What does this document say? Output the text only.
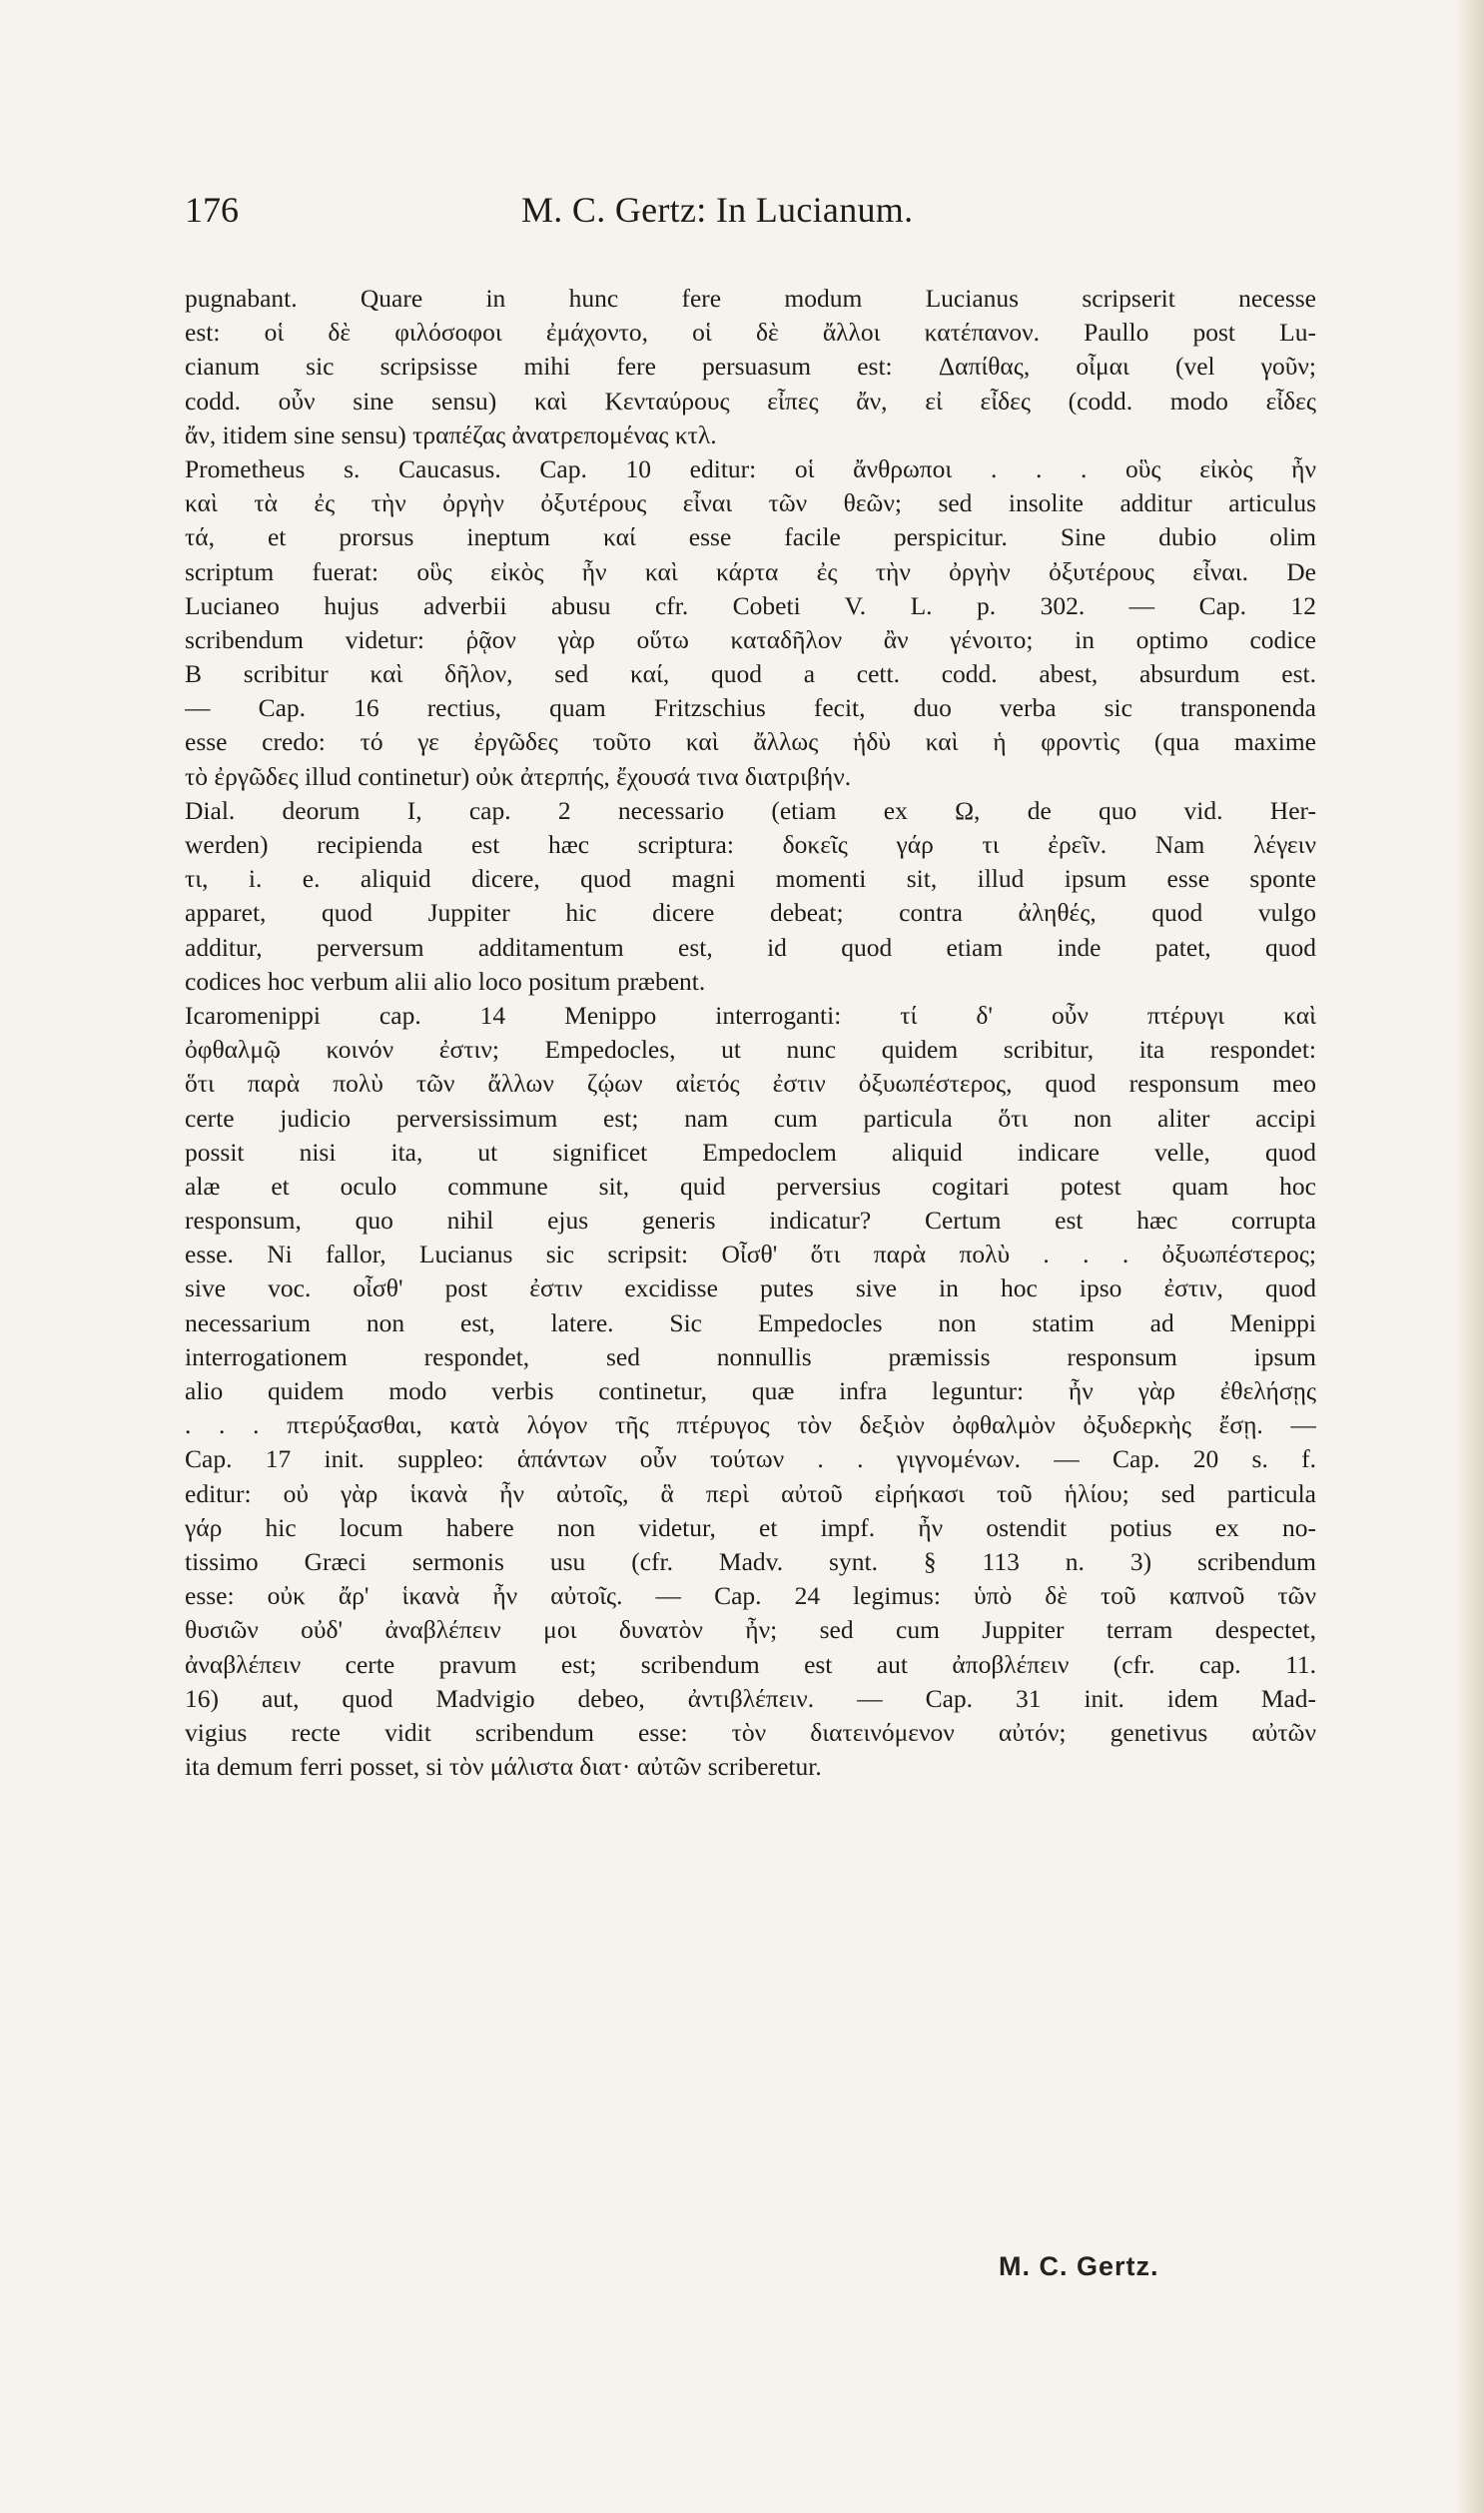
176	M. C. Gertz: In Lucianum.
pugnabant. Quare in hunc fere modum Lucianus scripserit necesse
est: οἱ δὲ φιλόσοφοι ἐμάχοντο, οἱ δὲ ἄλλοι κατέπανον. Paullo post Lu-
cianum sic scripsisse mihi fere persuasum est: Δαπίθας, οἶμαι (vel γοῦν;
codd. οὖν sine sensu) καὶ Κενταύρους εἶπες ἄν, εἰ εἶδες (codd. modo εἶδες
ἄν, itidem sine sensu) τραπέζας ἀνατρεπομένας κτλ.
Prometheus s. Caucasus. Cap. 10 editur: οἱ ἄνθρωποι . . . οὓς εἰκὸς ἦν
καὶ τὰ ἐς τὴν ὀργὴν ὀξυτέρους εἶναι τῶν θεῶν; sed insolite additur articulus
τά, et prorsus ineptum καί esse facile perspicitur. Sine dubio olim
scriptum fuerat: οὓς εἰκὸς ἦν καὶ κάρτα ἐς τὴν ὀργὴν ὀξυτέρους εἶναι. De
Lucianeo hujus adverbii abusu cfr. Cobeti V. L. p. 302. — Cap. 12
scribendum videtur: ῥᾷον γὰρ οὕτω καταδῆλον ἂν γένοιτο; in optimo codice
B scribitur καὶ δῆλον, sed καί, quod a cett. codd. abest, absurdum est.
— Cap. 16 rectius, quam Fritzschius fecit, duo verba sic transponenda
esse credo: τό γε ἐργῶδες τοῦτο καὶ ἄλλως ἡδὺ καὶ ἡ φροντὶς (qua maxime
τὸ ἐργῶδες illud continetur) οὐκ ἀτερπής, ἔχουσά τινα διατριβήν.
Dial. deorum I, cap. 2 necessario (etiam ex Ω, de quo vid. Her-
werden) recipienda est hæc scriptura: δοκεῖς γάρ τι ἐρεῖν. Nam λέγειν
τι, i. e. aliquid dicere, quod magni momenti sit, illud ipsum esse sponte
apparet, quod Juppiter hic dicere debeat; contra ἀληθές, quod vulgo
additur, perversum additamentum est, id quod etiam inde patet, quod
codices hoc verbum alii alio loco positum præbent.
Icaromenippi cap. 14 Menippo interroganti: τί δ' οὖν πτέρυγι καὶ
ὀφθαλμῷ κοινόν ἐστιν; Empedocles, ut nunc quidem scribitur, ita respondet:
ὅτι παρὰ πολὺ τῶν ἄλλων ζῴων αἰετός ἐστιν ὀξυωπέστερος, quod responsum meo
certe judicio perversissimum est; nam cum particula ὅτι non aliter accipi
possit nisi ita, ut significet Empedoclem aliquid indicare velle, quod
alæ et oculo commune sit, quid perversius cogitari potest quam hoc
responsum, quo nihil ejus generis indicatur? Certum est hæc corrupta
esse. Ni fallor, Lucianus sic scripsit: Οἶσθ' ὅτι παρὰ πολὺ . . . ὀξυωπέστερος;
sive voc. οἶσθ' post ἐστιν excidisse putes sive in hoc ipso ἐστιν, quod
necessarium non est, latere. Sic Empedocles non statim ad Menippi
interrogationem respondet, sed nonnullis præmissis responsum ipsum
alio quidem modo verbis continetur, quæ infra leguntur: ἦν γὰρ ἐθελήσῃς
. . . πτερύξασθαι, κατὰ λόγον τῆς πτέρυγος τὸν δεξιὸν ὀφθαλμὸν ὀξυδερκὴς ἔσῃ. —
Cap. 17 init. suppleo: ἁπάντων οὖν τούτων . . γιγνομένων. — Cap. 20 s. f.
editur: οὐ γὰρ ἱκανὰ ἦν αὐτοῖς, ἃ περὶ αὐτοῦ εἰρήκασι τοῦ ἡλίου; sed particula
γάρ hic locum habere non videtur, et impf. ἦν ostendit potius ex no-
tissimo Græci sermonis usu (cfr. Madv. synt. § 113 n. 3) scribendum
esse: οὐκ ἄρ' ἱκανὰ ἦν αὐτοῖς. — Cap. 24 legimus: ὑπὸ δὲ τοῦ καπνοῦ τῶν
θυσιῶν οὐδ' ἀναβλέπειν μοι δυνατὸν ἦν; sed cum Juppiter terram despectet,
ἀναβλέπειν certe pravum est; scribendum est aut ἀποβλέπειν (cfr. cap. 11.
16) aut, quod Madvigio debeo, ἀντιβλέπειν. — Cap. 31 init. idem Mad-
vigius recte vidit scribendum esse: τὸν διατεινόμενον αὐτόν; genetivus αὐτῶν
ita demum ferri posset, si τὸν μάλιστα διατ· αὐτῶν scriberetur.
M. C. Gertz.
